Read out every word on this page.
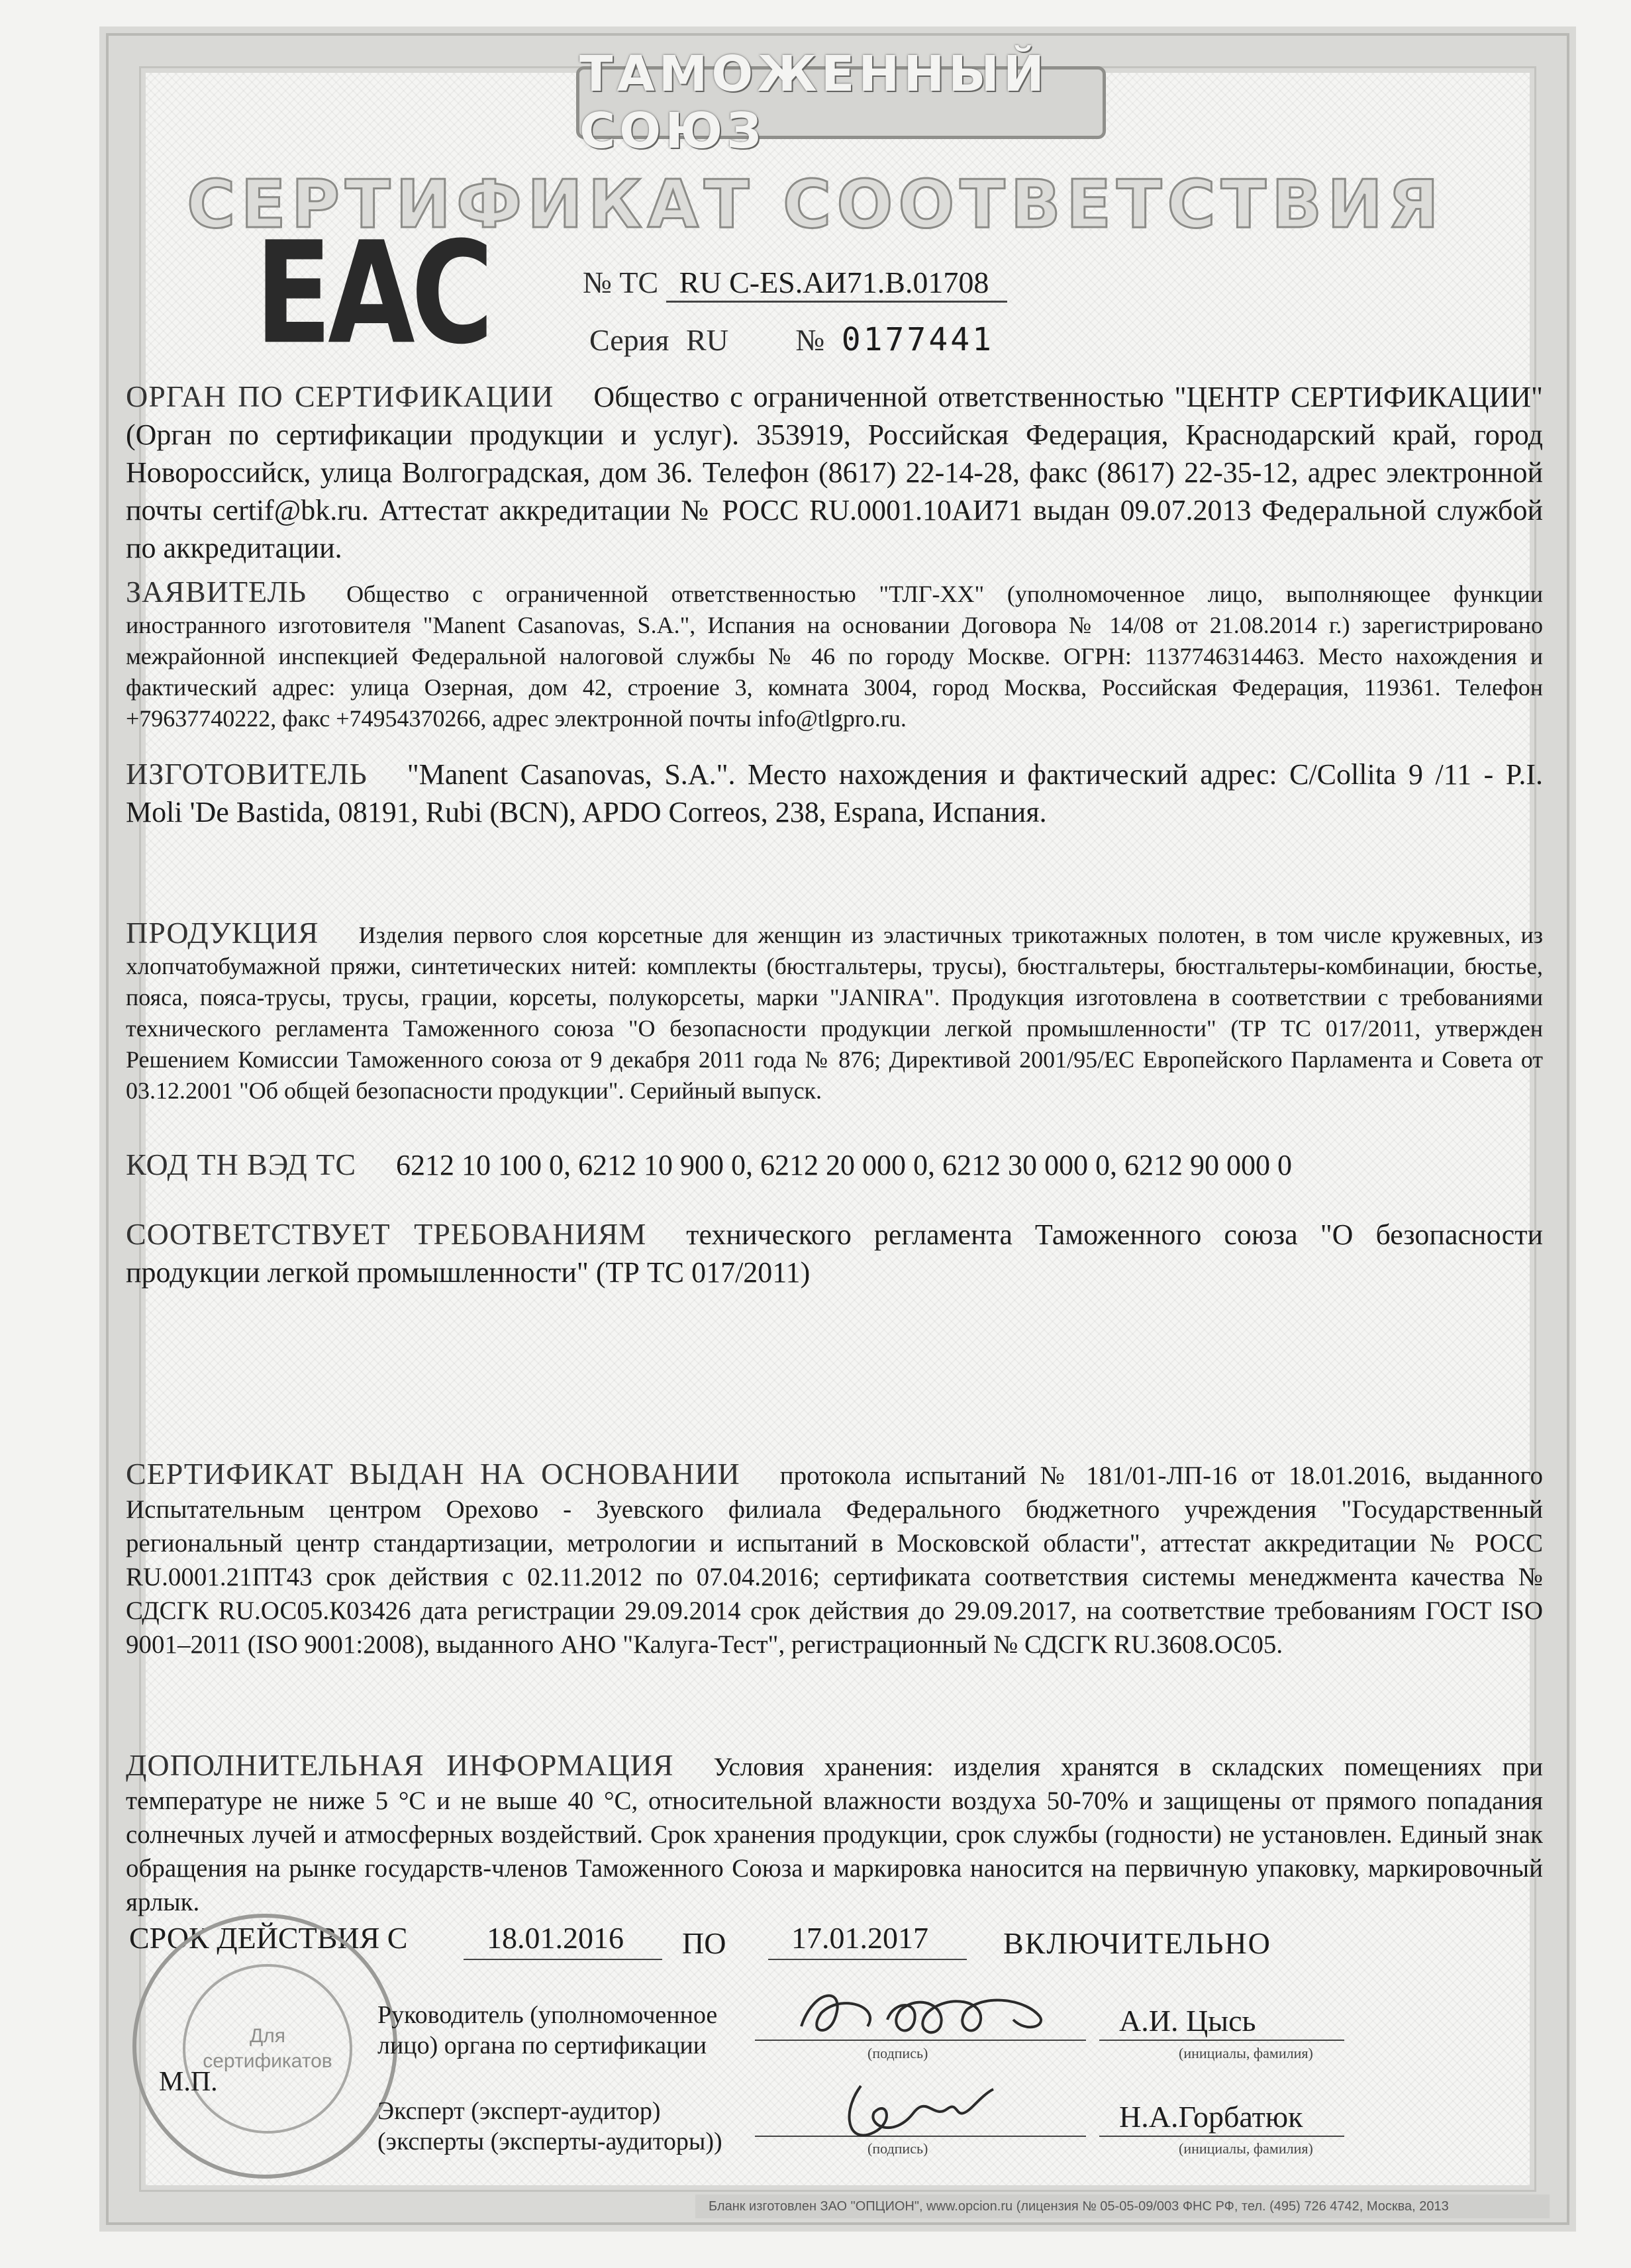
ТАМОЖЕННЫЙ СОЮЗ
СЕРТИФИКАТ СООТВЕТСТВИЯ
ЕАС	№ ТС RU C-ES.АИ71.В.01708
Серия RU № 0177441
ОРГАН ПО СЕРТИФИКАЦИИ Общество с ограниченной ответственностью "ЦЕНТР СЕРТИФИКАЦИИ" (Орган по сертификации продукции и услуг). 353919, Российская Федерация, Краснодарский край, город Новороссийск, улица Волгоградская, дом 36. Телефон (8617) 22-14-28, факс (8617) 22-35-12, адрес электронной почты certif@bk.ru. Аттестат аккредитации № РОСС RU.0001.10АИ71 выдан 09.07.2013 Федеральной службой по аккредитации.
ЗАЯВИТЕЛЬ Общество с ограниченной ответственностью "ТЛГ-ХХ" (уполномоченное лицо, выполняющее функции иностранного изготовителя "Manent Casanovas, S.A.", Испания на основании Договора № 14/08 от 21.08.2014 г.) зарегистрировано межрайонной инспекцией Федеральной налоговой службы № 46 по городу Москве. ОГРН: 1137746314463. Место нахождения и фактический адрес: улица Озерная, дом 42, строение 3, комната 3004, город Москва, Российская Федерация, 119361. Телефон +79637740222, факс +74954370266, адрес электронной почты info@tlgpro.ru.
ИЗГОТОВИТЕЛЬ "Manent Casanovas, S.A.". Место нахождения и фактический адрес: C/Collita 9 /11 - P.I. Moli 'De Bastida, 08191, Rubi (BCN), APDO Correos, 238, Espana, Испания.
ПРОДУКЦИЯ Изделия первого слоя корсетные для женщин из эластичных трикотажных полотен, в том числе кружевных, из хлопчатобумажной пряжи, синтетических нитей: комплекты (бюстгальтеры, трусы), бюстгальтеры, бюстгальтеры-комбинации, бюстье, пояса, пояса-трусы, трусы, грации, корсеты, полукорсеты, марки "JANIRA". Продукция изготовлена в соответствии с требованиями технического регламента Таможенного союза "О безопасности продукции легкой промышленности" (ТР ТС 017/2011, утвержден Решением Комиссии Таможенного союза от 9 декабря 2011 года № 876; Директивой 2001/95/ЕС Европейского Парламента и Совета от 03.12.2001 "Об общей безопасности продукции". Серийный выпуск.
КОД ТН ВЭД ТС 6212 10 100 0, 6212 10 900 0, 6212 20 000 0, 6212 30 000 0, 6212 90 000 0
СООТВЕТСТВУЕТ ТРЕБОВАНИЯМ технического регламента Таможенного союза "О безопасности продукции легкой промышленности" (ТР ТС 017/2011)
СЕРТИФИКАТ ВЫДАН НА ОСНОВАНИИ протокола испытаний № 181/01-ЛП-16 от 18.01.2016, выданного Испытательным центром Орехово - Зуевского филиала Федерального бюджетного учреждения "Государственный региональный центр стандартизации, метрологии и испытаний в Московской области", аттестат аккредитации № РОСС RU.0001.21ПТ43 срок действия с 02.11.2012 по 07.04.2016; сертификата соответствия системы менеджмента качества № СДСГК RU.ОС05.К03426 дата регистрации 29.09.2014 срок действия до 29.09.2017, на соответствие требованиям ГОСТ ISO 9001–2011 (ISO 9001:2008), выданного АНО "Калуга-Тест", регистрационный № СДСГК RU.3608.ОС05.
ДОПОЛНИТЕЛЬНАЯ ИНФОРМАЦИЯ Условия хранения: изделия хранятся в складских помещениях при температуре не ниже 5 °С и не выше 40 °С, относительной влажности воздуха 50-70% и защищены от прямого попадания солнечных лучей и атмосферных воздействий. Срок хранения продукции, срок службы (годности) не установлен. Единый знак обращения на рынке государств-членов Таможенного Союза и маркировка наносится на первичную упаковку, маркировочный ярлык.
СРОК ДЕЙСТВИЯ С	18.01.2016 ПО 17.01.2017 ВКЛЮЧИТЕЛЬНО
Для
сертификатов
М.П.
Руководитель (уполномоченное лицо) органа по сертификации	(подпись)
А.И. Цысь
(инициалы, фамилия)
Эксперт (эксперт-аудитор) (эксперты (эксперты-аудиторы))	(подпись)
Н.А.Горбатюк
(инициалы, фамилия)
Бланк изготовлен ЗАО "ОПЦИОН", www.opcion.ru (лицензия № 05-05-09/003 ФНС РФ, тел. (495) 726 4742, Москва, 2013
